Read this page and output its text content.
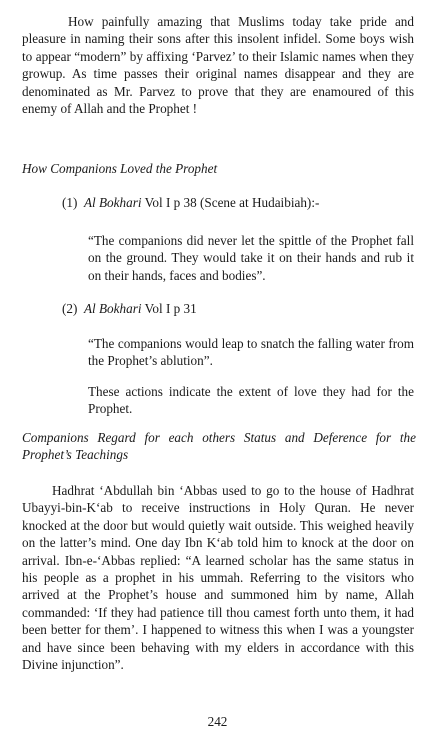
How painfully amazing that Muslims today take pride and pleasure in naming their sons after this insolent infidel. Some boys wish to appear “modern” by affixing ‘Parvez’ to their Islamic names when they growup. As time passes their original names disappear and they are denominated as Mr. Parvez to prove that they are enamoured of this enemy of Allah and the Prophet !

How Companions Loved the Prophet

(1) Al Bokhari Vol I p 38 (Scene at Hudaibiah):-

“The companions did never let the spittle of the Prophet fall on the ground. They would take it on their hands and rub it on their hands, faces and bodies”.

(2) Al Bokhari Vol I p 31

“The companions would leap to snatch the falling water from the Prophet’s ablution”.

These actions indicate the extent of love they had for the Prophet.

Companions Regard for each others Status and Deference for the Prophet’s Teachings

Hadhrat ‘Abdullah bin ‘Abbas used to go to the house of Hadhrat Ubayyi-bin-K‘ab to receive instructions in Holy Quran. He never knocked at the door but would quietly wait outside. This weighed heavily on the latter’s mind. One day Ibn K‘ab told him to knock at the door on arrival. Ibn-e-‘Abbas replied: “A learned scholar has the same status in his people as a prophet in his ummah. Referring to the visitors who arrived at the Prophet’s house and summoned him by name, Allah commanded: ‘If they had patience till thou camest forth unto them, it had been better for them’. I happened to witness this when I was a youngster and have since been behaving with my elders in accordance with this Divine injunction”.

242
